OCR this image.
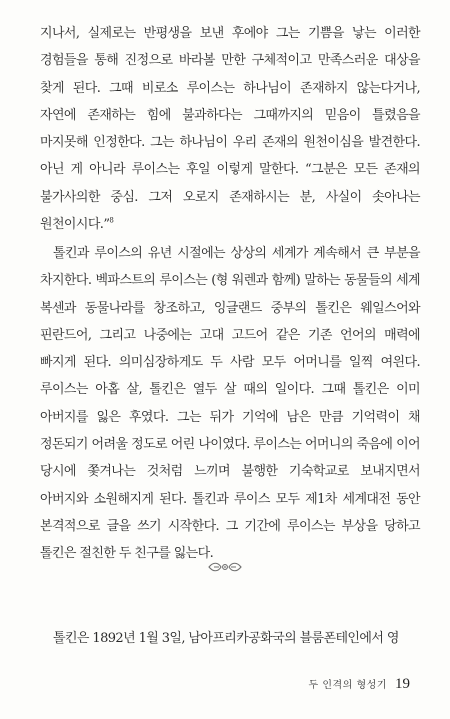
지나서, 실제로는 반평생을 보낸 후에야 그는 기쁨을 낳는 이러한 경험들을 통해 진정으로 바라볼 만한 구체적이고 만족스러운 대상을 찾게 된다. 그때 비로소 루이스는 하나님이 존재하지 않는다거나, 자연에 존재하는 힘에 불과하다는 그때까지의 믿음이 틀렸음을 마지못해 인정한다. 그는 하나님이 우리 존재의 원천이심을 발견한다. 아닌 게 아니라 루이스는 후일 이렇게 말한다. “그분은 모든 존재의 불가사의한 중심. 그저 오로지 존재하시는 분, 사실이 솟아나는 원천이시다.”$^8$

톨킨과 루이스의 유년 시절에는 상상의 세계가 계속해서 큰 부분을 차지한다. 벡파스트의 루이스는 (형 워렌과 함께) 말하는 동물들의 세계 복센과 동물나라를 창조하고, 잉글랜드 중부의 톨킨은 웨일스어와 핀란드어, 그리고 나중에는 고대 고드어 같은 기존 언어의 매력에 빠지게 된다. 의미심장하게도 두 사람 모두 어머니를 일찍 여읜다. 루이스는 아홉 살, 톨킨은 열두 살 때의 일이다. 그때 톨킨은 이미 아버지를 잃은 후였다. 그는 뒤가 기억에 남은 만큼 기억력이 채 정돈되기 어려울 정도로 어린 나이였다. 루이스는 어머니의 죽음에 이어 당시에 쫓겨나는 것처럼 느끼며 불행한 기숙학교로 보내지면서 아버지와 소원해지게 된다. 톨킨과 루이스 모두 제1차 세계대전 동안 본격적으로 글을 쓰기 시작한다. 그 기간에 루이스는 부상을 당하고 톨킨은 절친한 두 친구를 잃는다.

톨킨은 1892년 1월 3일, 남아프리카공화국의 블룸폰테인에서 영

두 인격의 형성기 19
